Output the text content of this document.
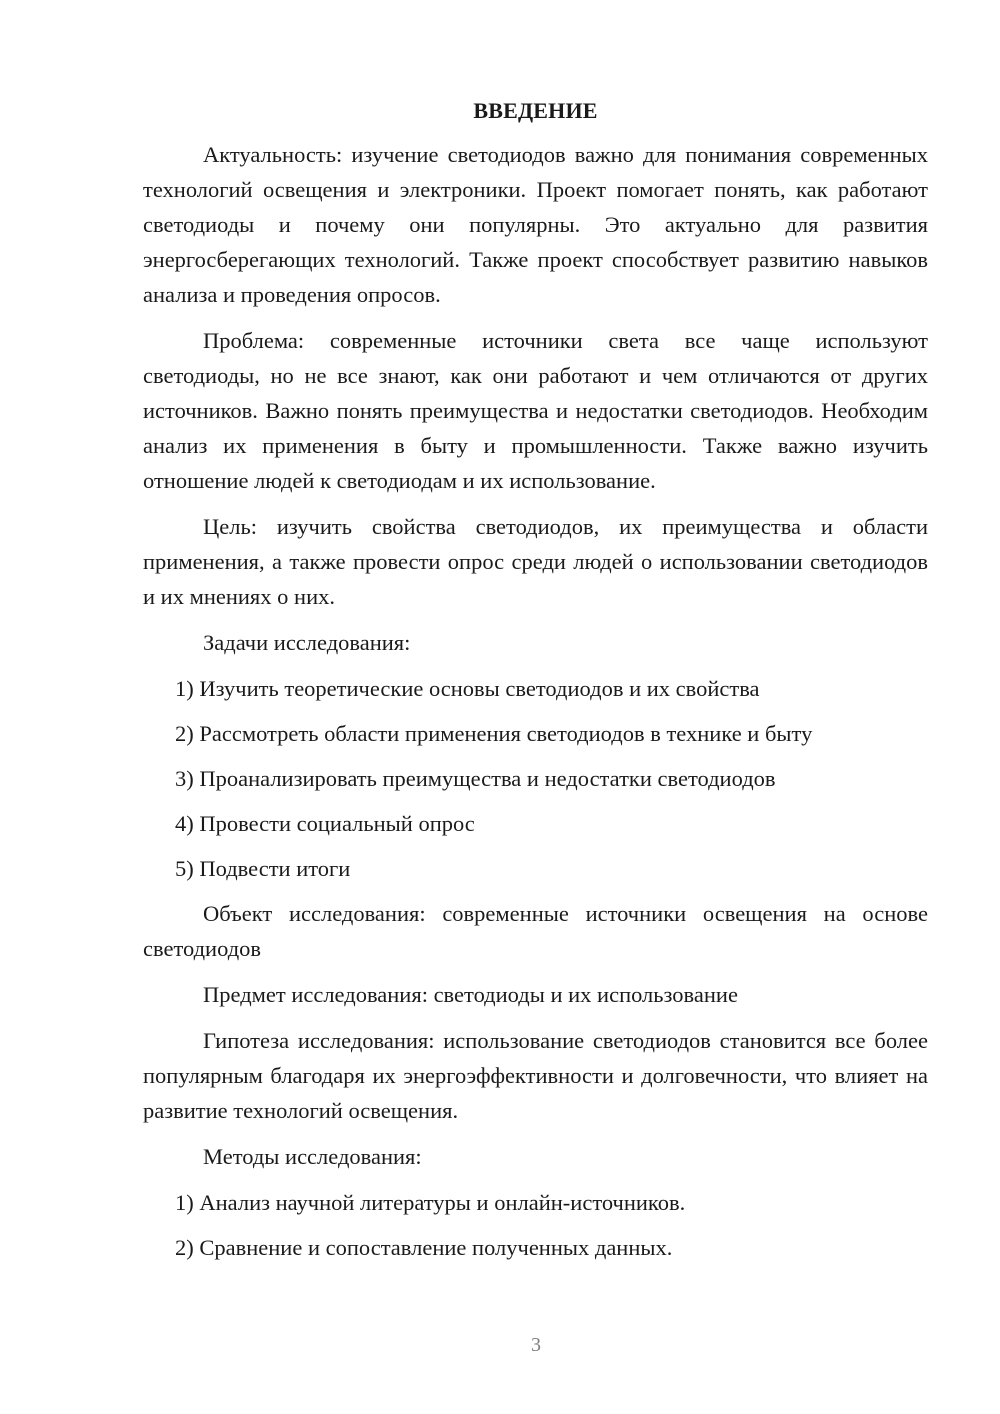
ВВЕДЕНИЕ

Актуальность: изучение светодиодов важно для понимания современных технологий освещения и электроники. Проект помогает понять, как работают светодиоды и почему они популярны. Это актуально для развития энергосберегающих технологий. Также проект способствует развитию навыков анализа и проведения опросов.

Проблема: современные источники света все чаще используют светодиоды, но не все знают, как они работают и чем отличаются от других источников. Важно понять преимущества и недостатки светодиодов. Необходим анализ их применения в быту и промышленности. Также важно изучить отношение людей к светодиодам и их использование.

Цель: изучить свойства светодиодов, их преимущества и области применения, а также провести опрос среди людей о использовании светодиодов и их мнениях о них.

Задачи исследования:
1) Изучить теоретические основы светодиодов и их свойства
2) Рассмотреть области применения светодиодов в технике и быту
3) Проанализировать преимущества и недостатки светодиодов
4) Провести социальный опрос
5) Подвести итоги

Объект исследования: современные источники освещения на основе светодиодов

Предмет исследования: светодиоды и их использование

Гипотеза исследования: использование светодиодов становится все более популярным благодаря их энергоэффективности и долговечности, что влияет на развитие технологий освещения.

Методы исследования:
1) Анализ научной литературы и онлайн-источников.
2) Сравнение и сопоставление полученных данных.
3
